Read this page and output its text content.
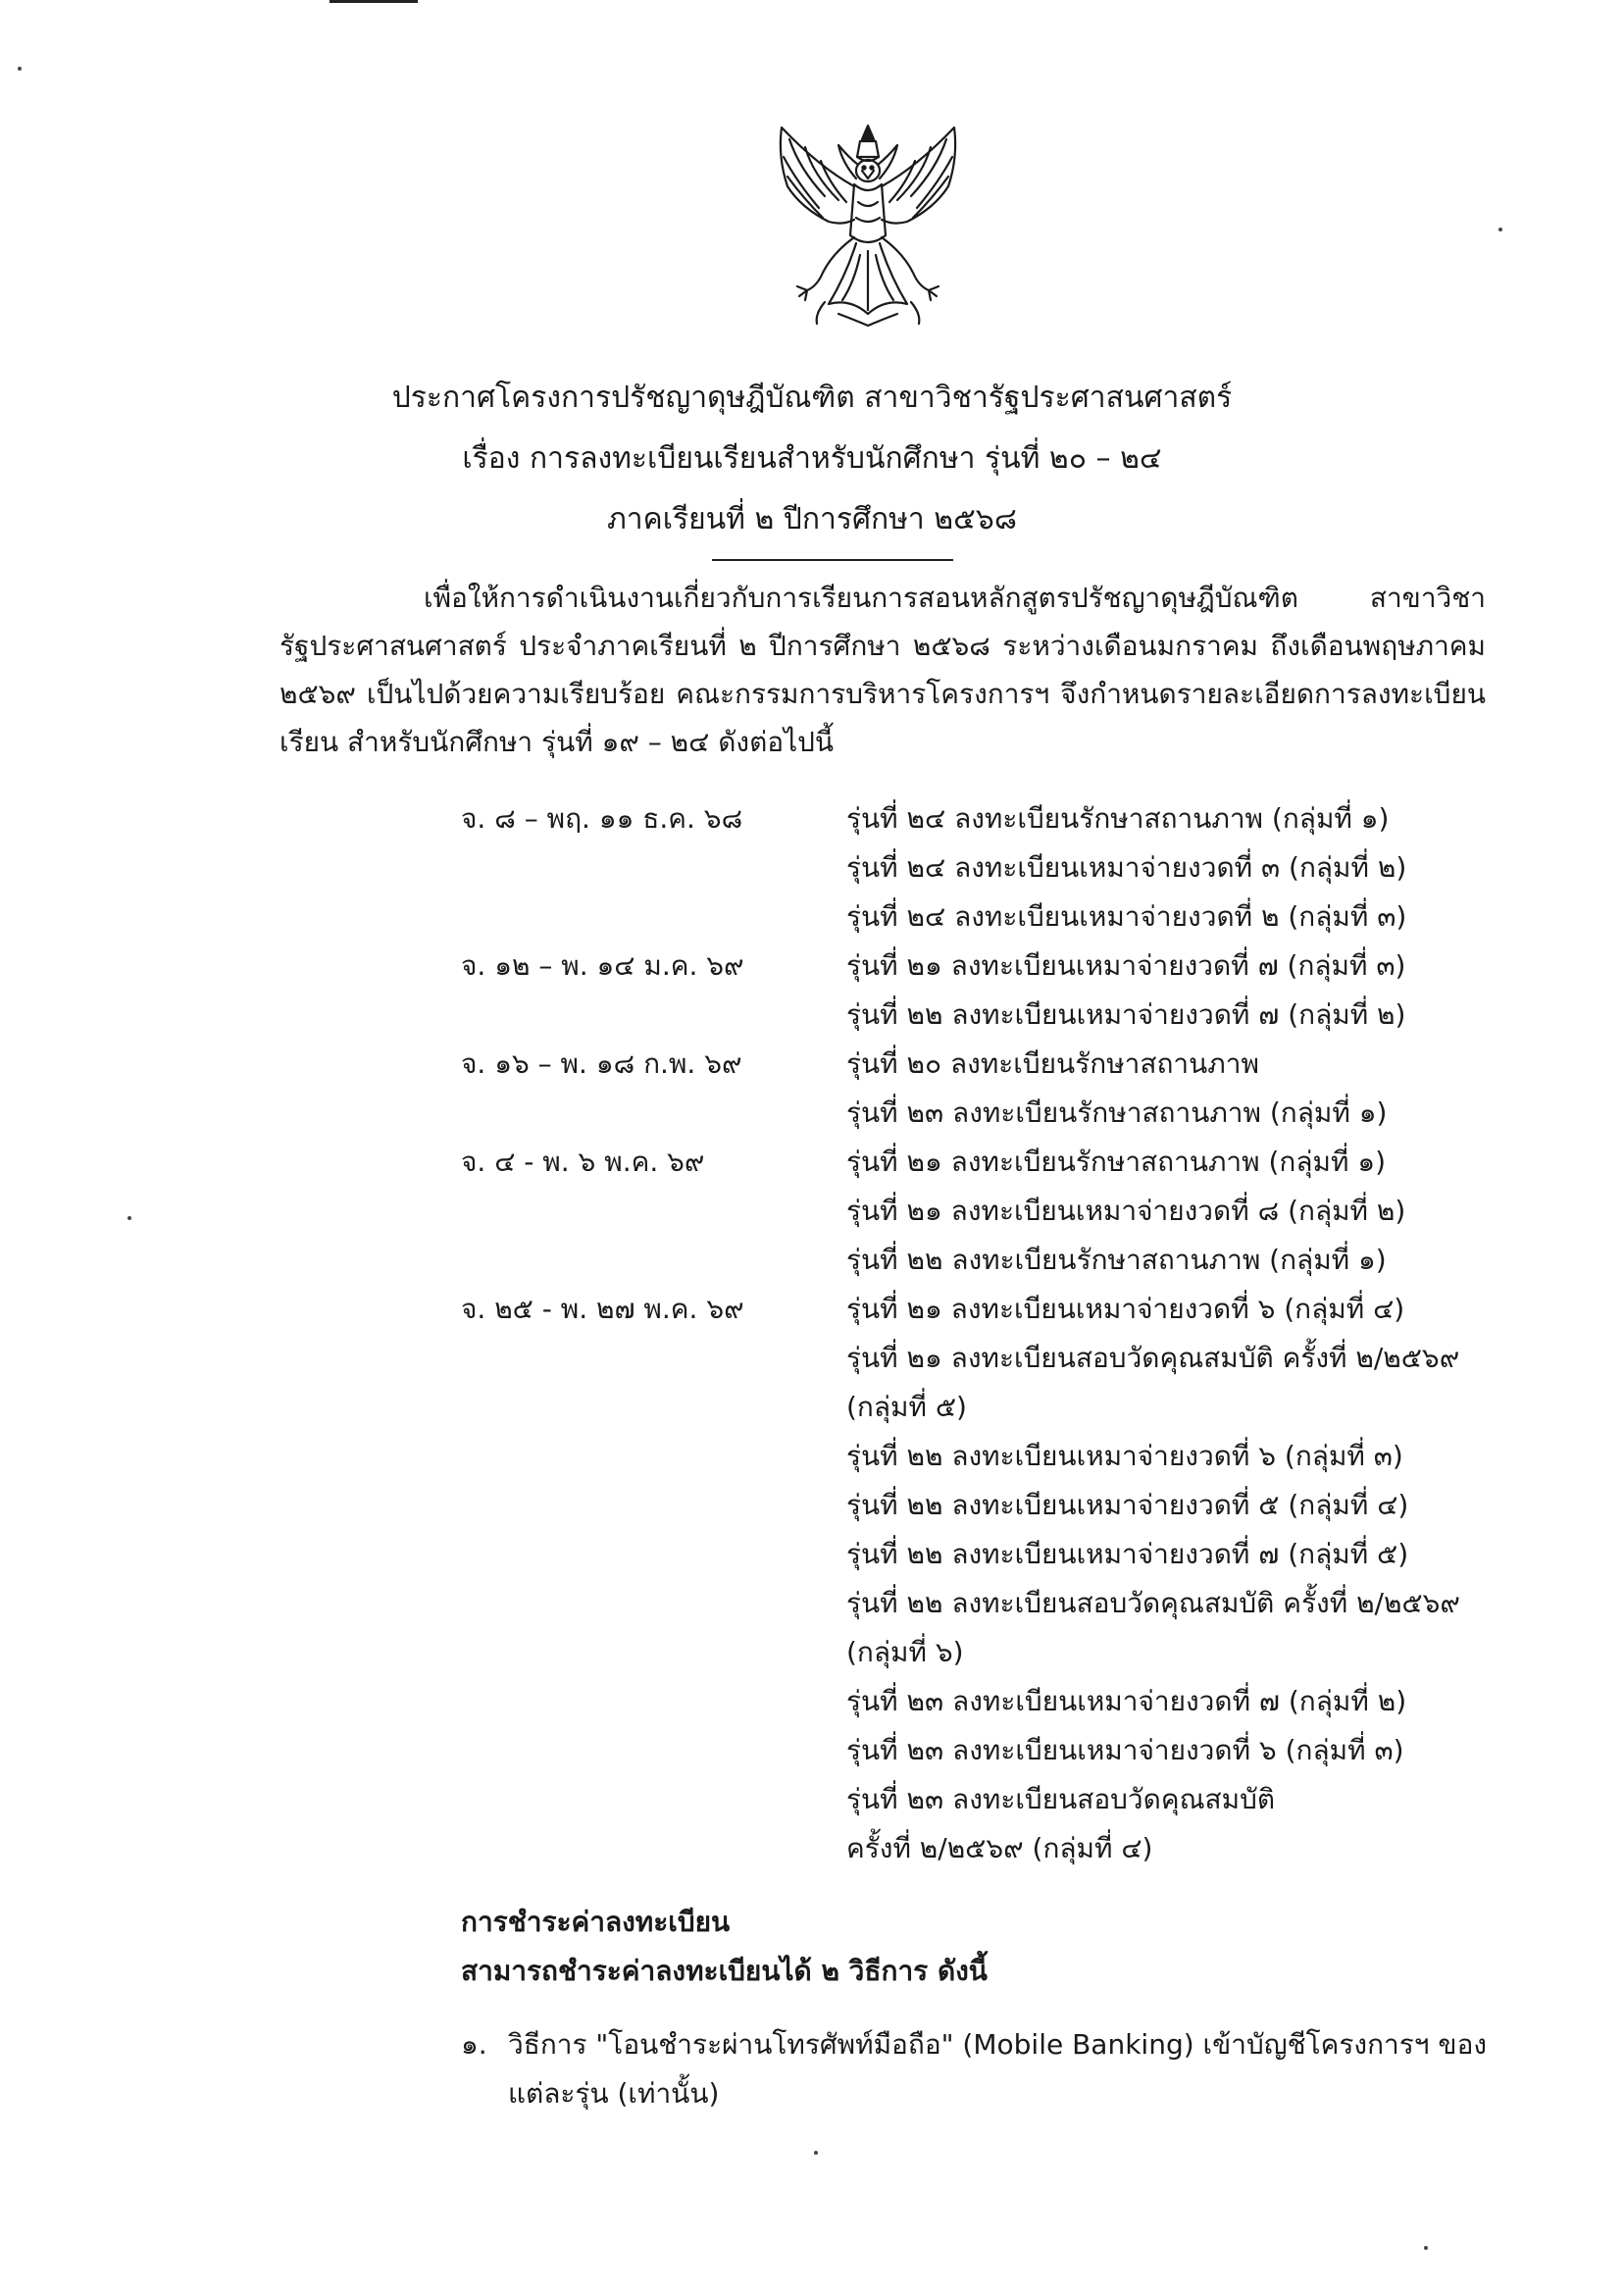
ประกาศโครงการปรัชญาดุษฎีบัณฑิต สาขาวิชารัฐประศาสนศาสตร์
เรื่อง การลงทะเบียนเรียนสำหรับนักศึกษา รุ่นที่ ๒๐ – ๒๔
ภาคเรียนที่ ๒ ปีการศึกษา ๒๕๖๘
เพื่อให้การดำเนินงานเกี่ยวกับการเรียนการสอนหลักสูตรปรัชญาดุษฎีบัณฑิต สาขาวิชารัฐประศาสนศาสตร์ ประจำภาคเรียนที่ ๒ ปีการศึกษา ๒๕๖๘ ระหว่างเดือนมกราคม ถึงเดือนพฤษภาคม ๒๕๖๙ เป็นไปด้วยความเรียบร้อย คณะกรรมการบริหารโครงการฯ จึงกำหนดรายละเอียดการลงทะเบียนเรียน สำหรับนักศึกษา รุ่นที่ ๑๙ – ๒๔ ดังต่อไปนี้
จ. ๘ – พฤ. ๑๑ ธ.ค. ๖๘	รุ่นที่ ๒๔ ลงทะเบียนรักษาสถานภาพ (กลุ่มที่ ๑)
รุ่นที่ ๒๔ ลงทะเบียนเหมาจ่ายงวดที่ ๓ (กลุ่มที่ ๒)
รุ่นที่ ๒๔ ลงทะเบียนเหมาจ่ายงวดที่ ๒ (กลุ่มที่ ๓)
จ. ๑๒ – พ. ๑๔ ม.ค. ๖๙	รุ่นที่ ๒๑ ลงทะเบียนเหมาจ่ายงวดที่ ๗ (กลุ่มที่ ๓)
รุ่นที่ ๒๒ ลงทะเบียนเหมาจ่ายงวดที่ ๗ (กลุ่มที่ ๒)
จ. ๑๖ – พ. ๑๘ ก.พ. ๖๙	รุ่นที่ ๒๐ ลงทะเบียนรักษาสถานภาพ
รุ่นที่ ๒๓ ลงทะเบียนรักษาสถานภาพ (กลุ่มที่ ๑)
จ. ๔ - พ. ๖ พ.ค. ๖๙	รุ่นที่ ๒๑ ลงทะเบียนรักษาสถานภาพ (กลุ่มที่ ๑)
รุ่นที่ ๒๑ ลงทะเบียนเหมาจ่ายงวดที่ ๘ (กลุ่มที่ ๒)
รุ่นที่ ๒๒ ลงทะเบียนรักษาสถานภาพ (กลุ่มที่ ๑)
จ. ๒๕ - พ. ๒๗ พ.ค. ๖๙	รุ่นที่ ๒๑ ลงทะเบียนเหมาจ่ายงวดที่ ๖ (กลุ่มที่ ๔)
รุ่นที่ ๒๑ ลงทะเบียนสอบวัดคุณสมบัติ ครั้งที่ ๒/๒๕๖๙
(กลุ่มที่ ๕)
รุ่นที่ ๒๒ ลงทะเบียนเหมาจ่ายงวดที่ ๖ (กลุ่มที่ ๓)
รุ่นที่ ๒๒ ลงทะเบียนเหมาจ่ายงวดที่ ๕ (กลุ่มที่ ๔)
รุ่นที่ ๒๒ ลงทะเบียนเหมาจ่ายงวดที่ ๗ (กลุ่มที่ ๕)
รุ่นที่ ๒๒ ลงทะเบียนสอบวัดคุณสมบัติ ครั้งที่ ๒/๒๕๖๙
(กลุ่มที่ ๖)
รุ่นที่ ๒๓ ลงทะเบียนเหมาจ่ายงวดที่ ๗ (กลุ่มที่ ๒)
รุ่นที่ ๒๓ ลงทะเบียนเหมาจ่ายงวดที่ ๖ (กลุ่มที่ ๓)
รุ่นที่ ๒๓ ลงทะเบียนสอบวัดคุณสมบัติ
ครั้งที่ ๒/๒๕๖๙ (กลุ่มที่ ๔)
การชำระค่าลงทะเบียน
สามารถชำระค่าลงทะเบียนได้ ๒ วิธีการ ดังนี้
๑. วิธีการ "โอนชำระผ่านโทรศัพท์มือถือ" (Mobile Banking) เข้าบัญชีโครงการฯ ของแต่ละรุ่น (เท่านั้น)
